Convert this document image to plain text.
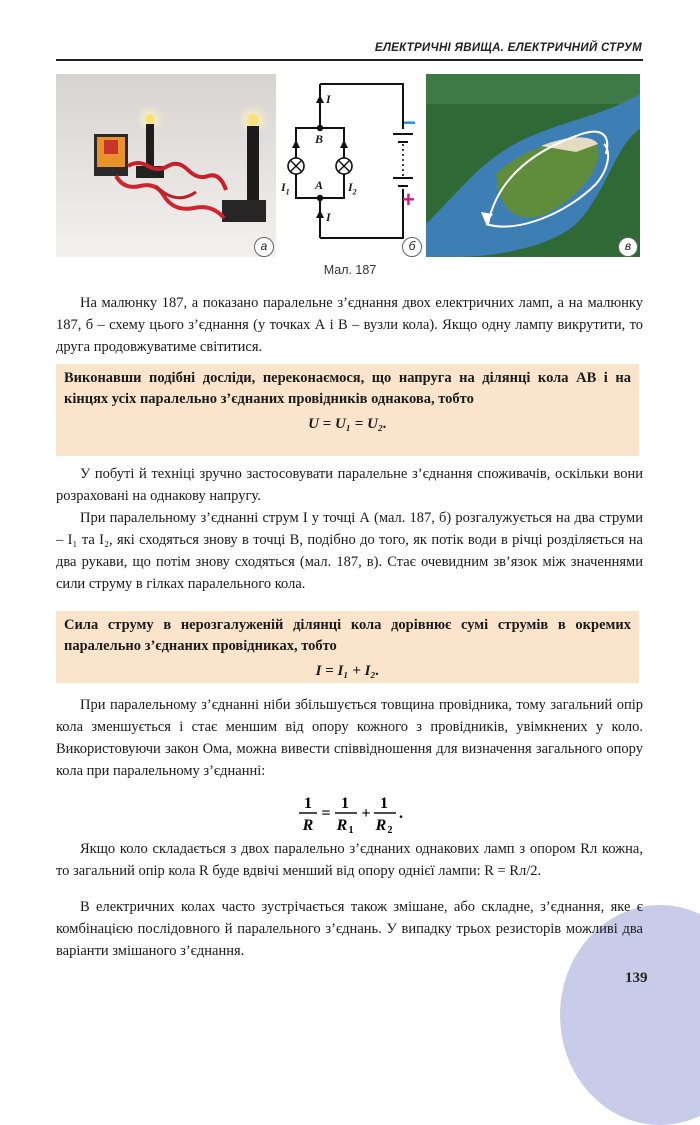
ЕЛЕКТРИЧНІ ЯВИЩА. ЕЛЕКТРИЧНИЙ СТРУМ
а
I
B
A
$I_1$	$I_2$
I
−
+
б	в
Мал. 187

На малюнку 187, а показано паралельне з’єднання двох електричних ламп, а на малюнку 187, б – схему цього з’єднання (у точках А і В – вузли кола). Якщо одну лампу викрутити, то друга продовжуватиме світитися.

Виконавши подібні досліди, переконаємося, що напруга на ділянці кола AB і на кінцях усіх паралельно з’єднаних провідників однакова, тобто

U = U₁ = U₂.

У побуті й техніці зручно застосовувати паралельне з’єднання споживачів, оскільки вони розраховані на однакову напругу.

При паралельному з’єднанні струм I у точці А (мал. 187, б) розгалужується на два струми – I₁ та I₂, які сходяться знову в точці В, подібно до того, як потік води в річці розділяється на два рукави, що потім знову сходяться (мал. 187, в). Стає очевидним зв’язок між значеннями сили струму в гілках паралельного кола.

Сила струму в нерозгалуженій ділянці кола дорівнює сумі струмів в окремих паралельно з’єднаних провідниках, тобто

I = I₁ + I₂.

При паралельному з’єднанні ніби збільшується товщина провідника, тому загальний опір кола зменшується і стає меншим від опору кожного з провідників, увімкнених у коло. Використовуючи закон Ома, можна вивести співвідношення для визначення загального опору кола при паралельному з’єднанні:

1
R
=
1
R 1
+
1
R 2
.

Якщо коло складається з двох паралельно з’єднаних однакових ламп з опором Rл кожна, то загальний опір кола R буде вдвічі менший від опору однієї лампи: R = Rл/2.

В електричних колах часто зустрічається також змішане, або складне, з’єднання, яке є комбінацією послідовного й паралельного з’єднань. У випадку трьох резисторів можливі два варіанти змішаного з’єднання.

139
